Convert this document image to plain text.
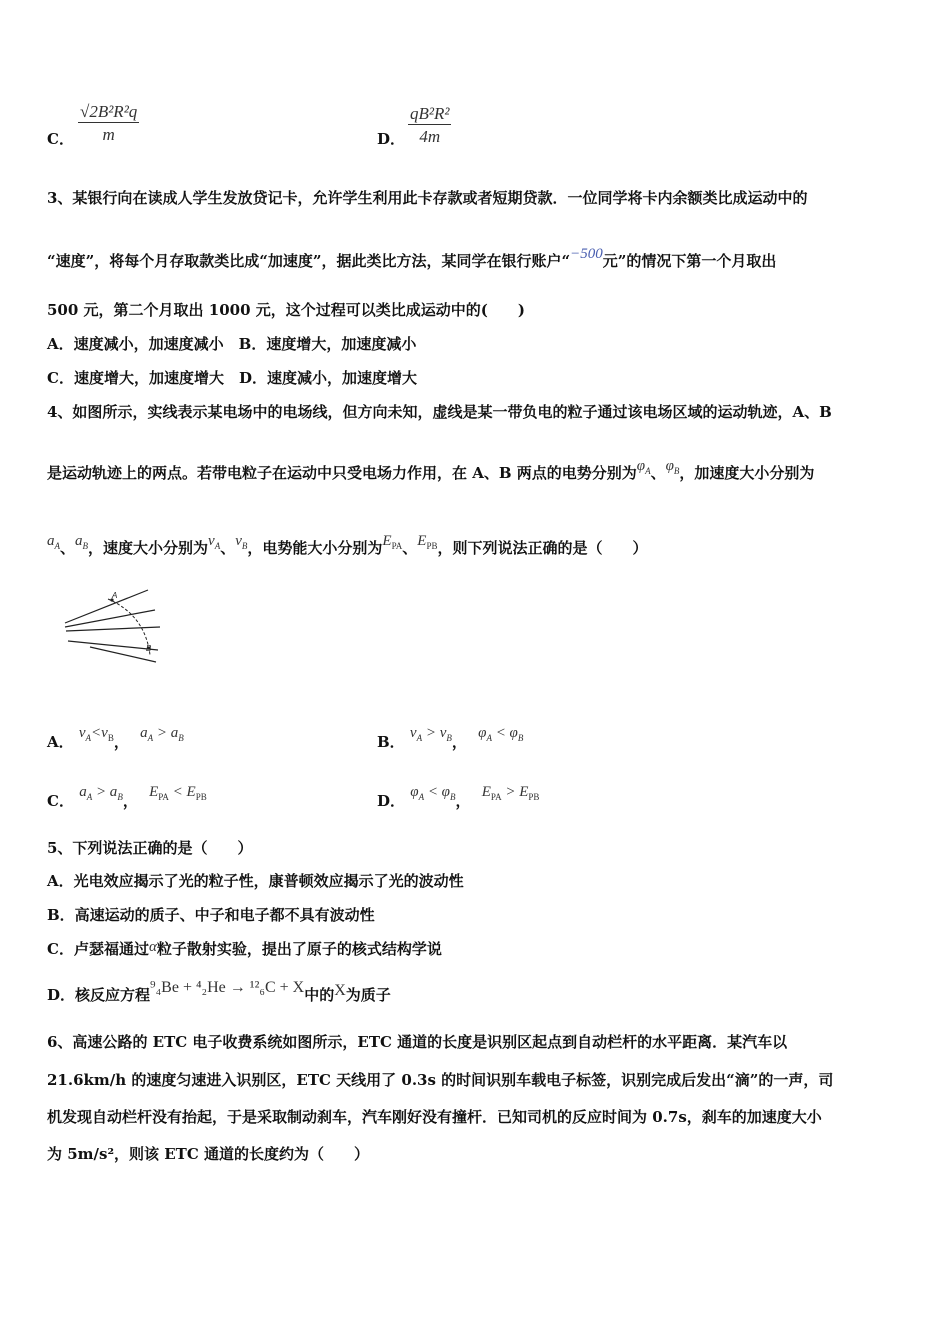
C． $\frac{\text{√2B²R²q}}{m}$	D． $\frac{\text{qB²R²}}{4m}$
3、某银行向在读成人学生发放贷记卡，允许学生利用此卡存款或者短期贷款．一位同学将卡内余额类比成运动中的
“速度”，将每个月存取款类比成“加速度”，据此类比方法，某同学在银行账户“−500元”的情况下第一个月取出
500 元，第二个月取出 1000 元，这个过程可以类比成运动中的(　　)
A．速度减小，加速度减小　B．速度增大，加速度减小
C．速度增大，加速度增大　D．速度减小，加速度增大
4、如图所示，实线表示某电场中的电场线，但方向未知，虚线是某一带负电的粒子通过该电场区域的运动轨迹，A、B
是运动轨迹上的两点。若带电粒子在运动中只受电场力作用，在 A、B 两点的电势分别为$\varphi_A$、$\varphi_B$，加速度大小分别为
$a_A$、$a_B$，速度大小分别为$v_A$、$v_B$，电势能大小分别为$E_{PA}$、$E_{PB}$，则下列说法正确的是（　　）
A
B
A． $v_A<v_B$， $a_A > a_B$	B． $v_A > v_B$， $\varphi_A < \varphi_B$
C． $a_A > a_B$， $E_{PA} < E_{PB}$	D． $\varphi_A < \varphi_B$， $E_{PA} > E_{PB}$
5、下列说法正确的是（　　）
A．光电效应揭示了光的粒子性，康普顿效应揭示了光的波动性
B．高速运动的质子、中子和电子都不具有波动性
C．卢瑟福通过α粒子散射实验，提出了原子的核式结构学说
D．核反应方程⁹₄Be + ⁴₂He → ¹²₆C + X中的X为质子
6、高速公路的 ETC 电子收费系统如图所示，ETC 通道的长度是识别区起点到自动栏杆的水平距离．某汽车以
21.6km/h 的速度匀速进入识别区，ETC 天线用了 0.3s 的时间识别车载电子标签，识别完成后发出“滴”的一声，司
机发现自动栏杆没有抬起，于是采取制动刹车，汽车刚好没有撞杆．已知司机的反应时间为 0.7s，刹车的加速度大小
为 5m/s²，则该 ETC 通道的长度约为（　　）
